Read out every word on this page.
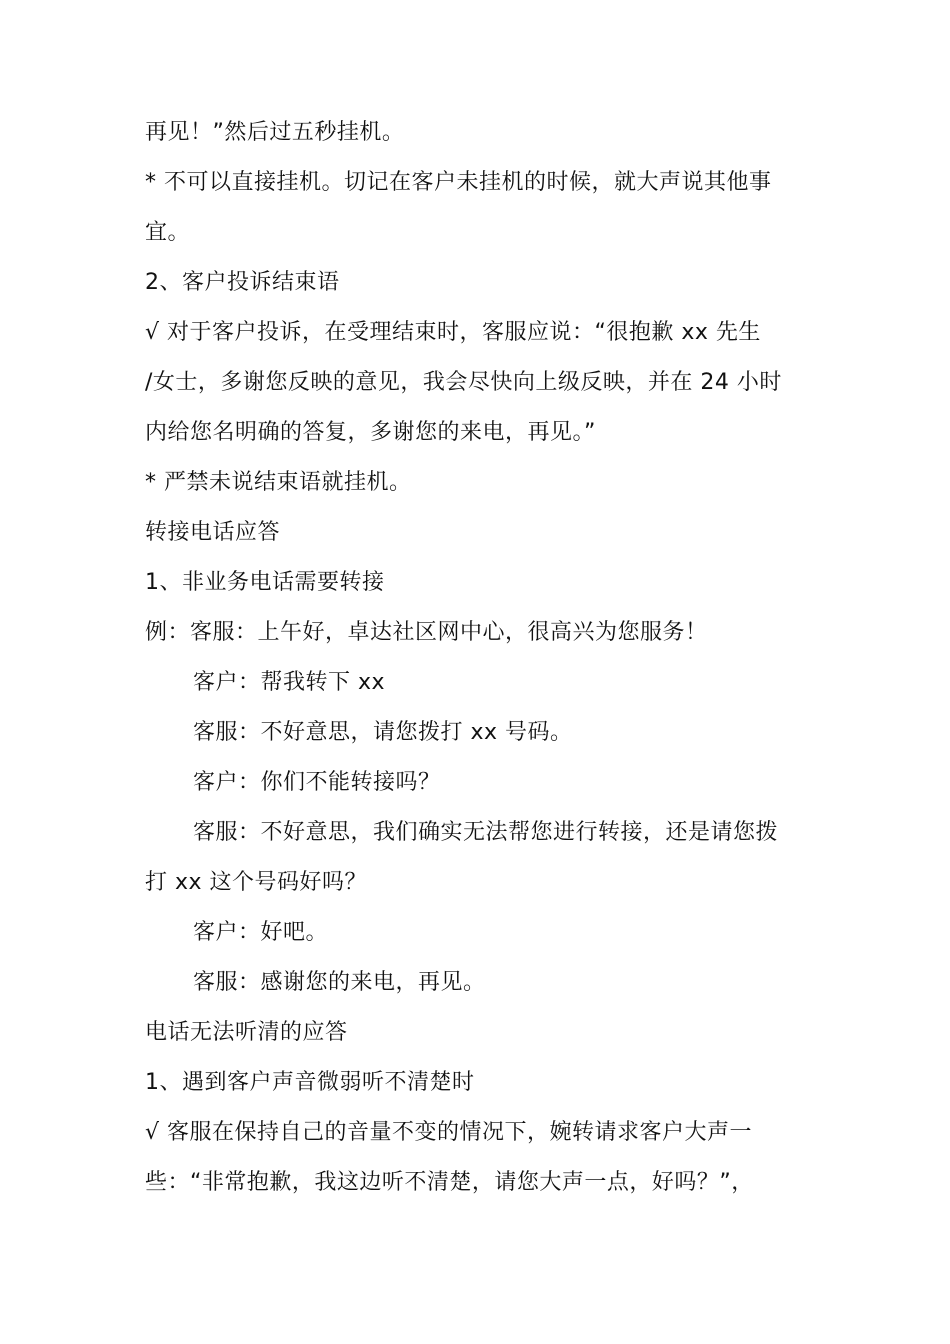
再见！”然后过五秒挂机。
* 不可以直接挂机。切记在客户未挂机的时候，就大声说其他事
宜。
2、客户投诉结束语
√ 对于客户投诉，在受理结束时，客服应说：“很抱歉 xx 先生
/女士，多谢您反映的意见，我会尽快向上级反映，并在 24 小时
内给您名明确的答复，多谢您的来电，再见。”
* 严禁未说结束语就挂机。
转接电话应答
1、非业务电话需要转接
例：客服：上午好，卓达社区网中心，很高兴为您服务！
客户：帮我转下 xx
客服：不好意思，请您拨打 xx 号码。
客户：你们不能转接吗？
客服：不好意思，我们确实无法帮您进行转接，还是请您拨
打 xx 这个号码好吗？
客户：好吧。
客服：感谢您的来电，再见。
电话无法听清的应答
1、遇到客户声音微弱听不清楚时
√ 客服在保持自己的音量不变的情况下，婉转请求客户大声一
些：“非常抱歉，我这边听不清楚，请您大声一点，好吗？”，
